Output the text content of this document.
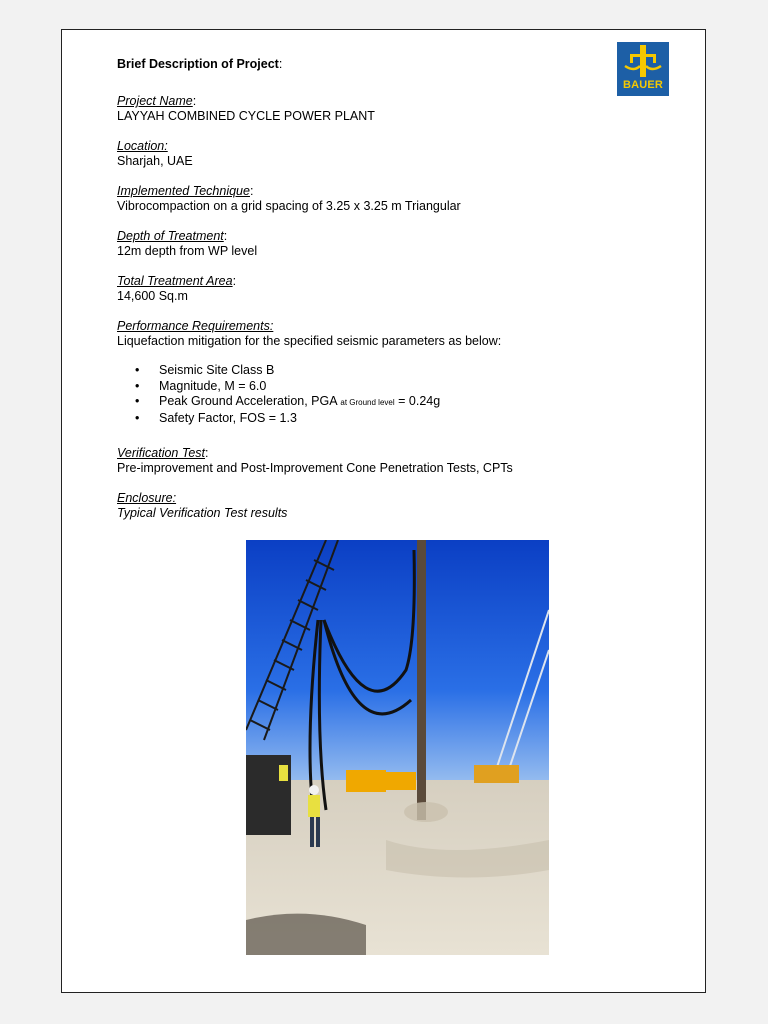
BAUER
Brief Description of Project:
Project Name:
LAYYAH COMBINED CYCLE POWER PLANT
Location:
Sharjah, UAE
Implemented Technique:
Vibrocompaction on a grid spacing of 3.25 x 3.25 m Triangular
Depth of Treatment:
12m depth from WP level
Total Treatment Area:
14,600 Sq.m
Performance Requirements:
Liquefaction mitigation for the specified seismic parameters as below:
• Seismic Site Class B
• Magnitude, M = 6.0
• Peak Ground Acceleration, PGA at Ground level = 0.24g
• Safety Factor, FOS = 1.3
Verification Test:
Pre-improvement and Post-Improvement Cone Penetration Tests, CPTs
Enclosure:
Typical Verification Test results
